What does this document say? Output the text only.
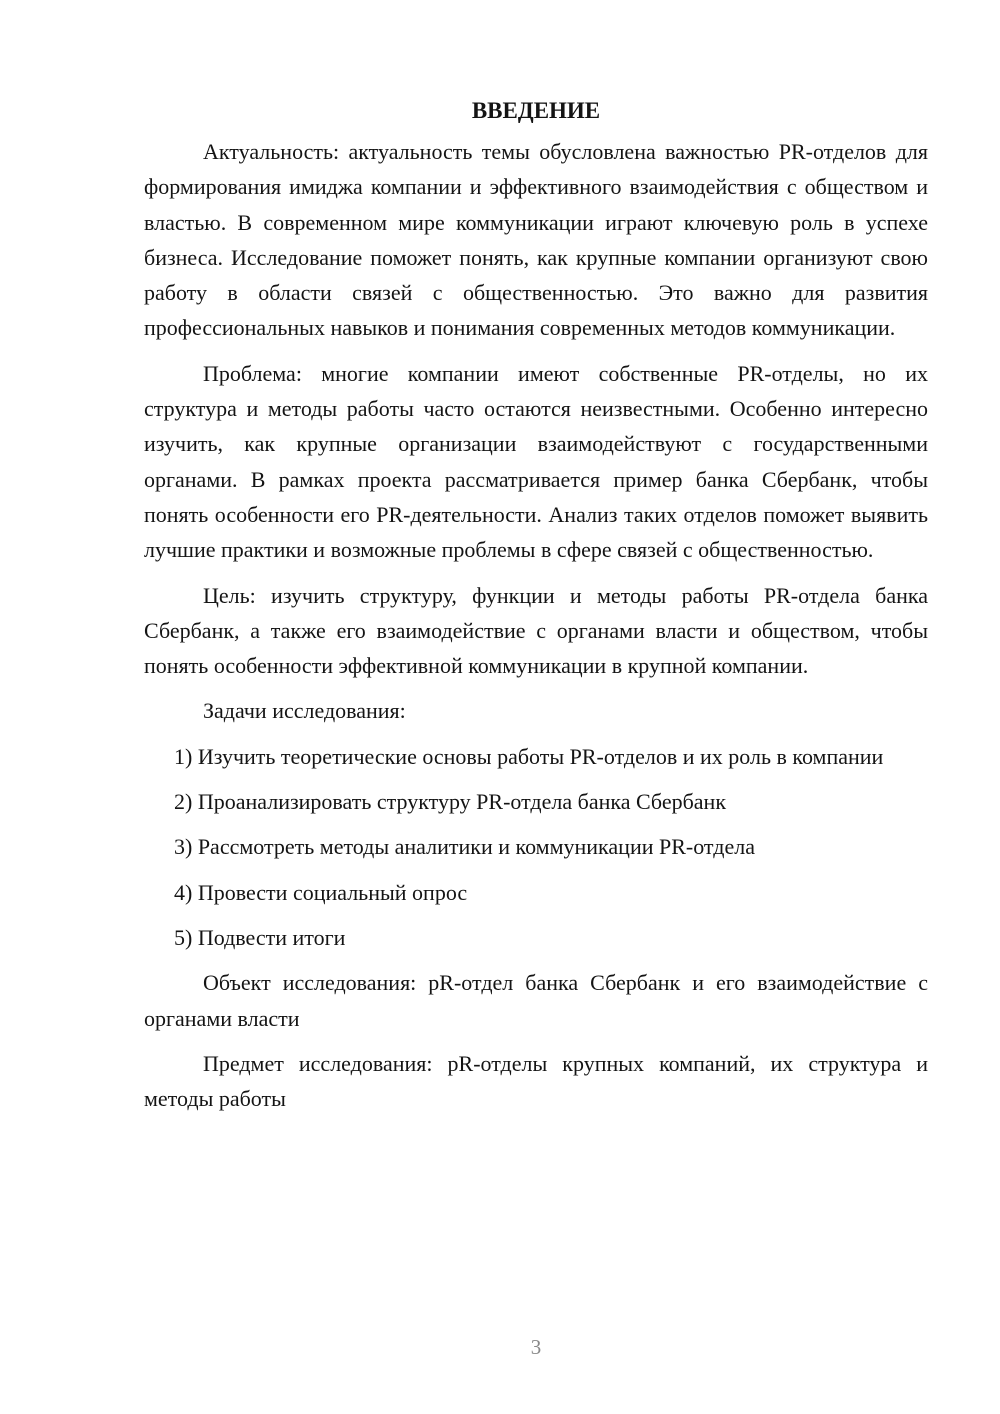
ВВЕДЕНИЕ

Актуальность: актуальность темы обусловлена важностью PR-отделов для формирования имиджа компании и эффективного взаимодействия с обществом и властью. В современном мире коммуникации играют ключевую роль в успехе бизнеса. Исследование поможет понять, как крупные компании организуют свою работу в области связей с общественностью. Это важно для развития профессиональных навыков и понимания современных методов коммуникации.

Проблема: многие компании имеют собственные PR-отделы, но их структура и методы работы часто остаются неизвестными. Особенно интересно изучить, как крупные организации взаимодействуют с государственными органами. В рамках проекта рассматривается пример банка Сбербанк, чтобы понять особенности его PR-деятельности. Анализ таких отделов поможет выявить лучшие практики и возможные проблемы в сфере связей с общественностью.

Цель: изучить структуру, функции и методы работы PR-отдела банка Сбербанк, а также его взаимодействие с органами власти и обществом, чтобы понять особенности эффективной коммуникации в крупной компании.

Задачи исследования:

1) Изучить теоретические основы работы PR-отделов и их роль в компании

2) Проанализировать структуру PR-отдела банка Сбербанк

3) Рассмотреть методы аналитики и коммуникации PR-отдела

4) Провести социальный опрос

5) Подвести итоги

Объект исследования: pR-отдел банка Сбербанк и его взаимодействие с органами власти

Предмет исследования: pR-отделы крупных компаний, их структура и методы работы

3
